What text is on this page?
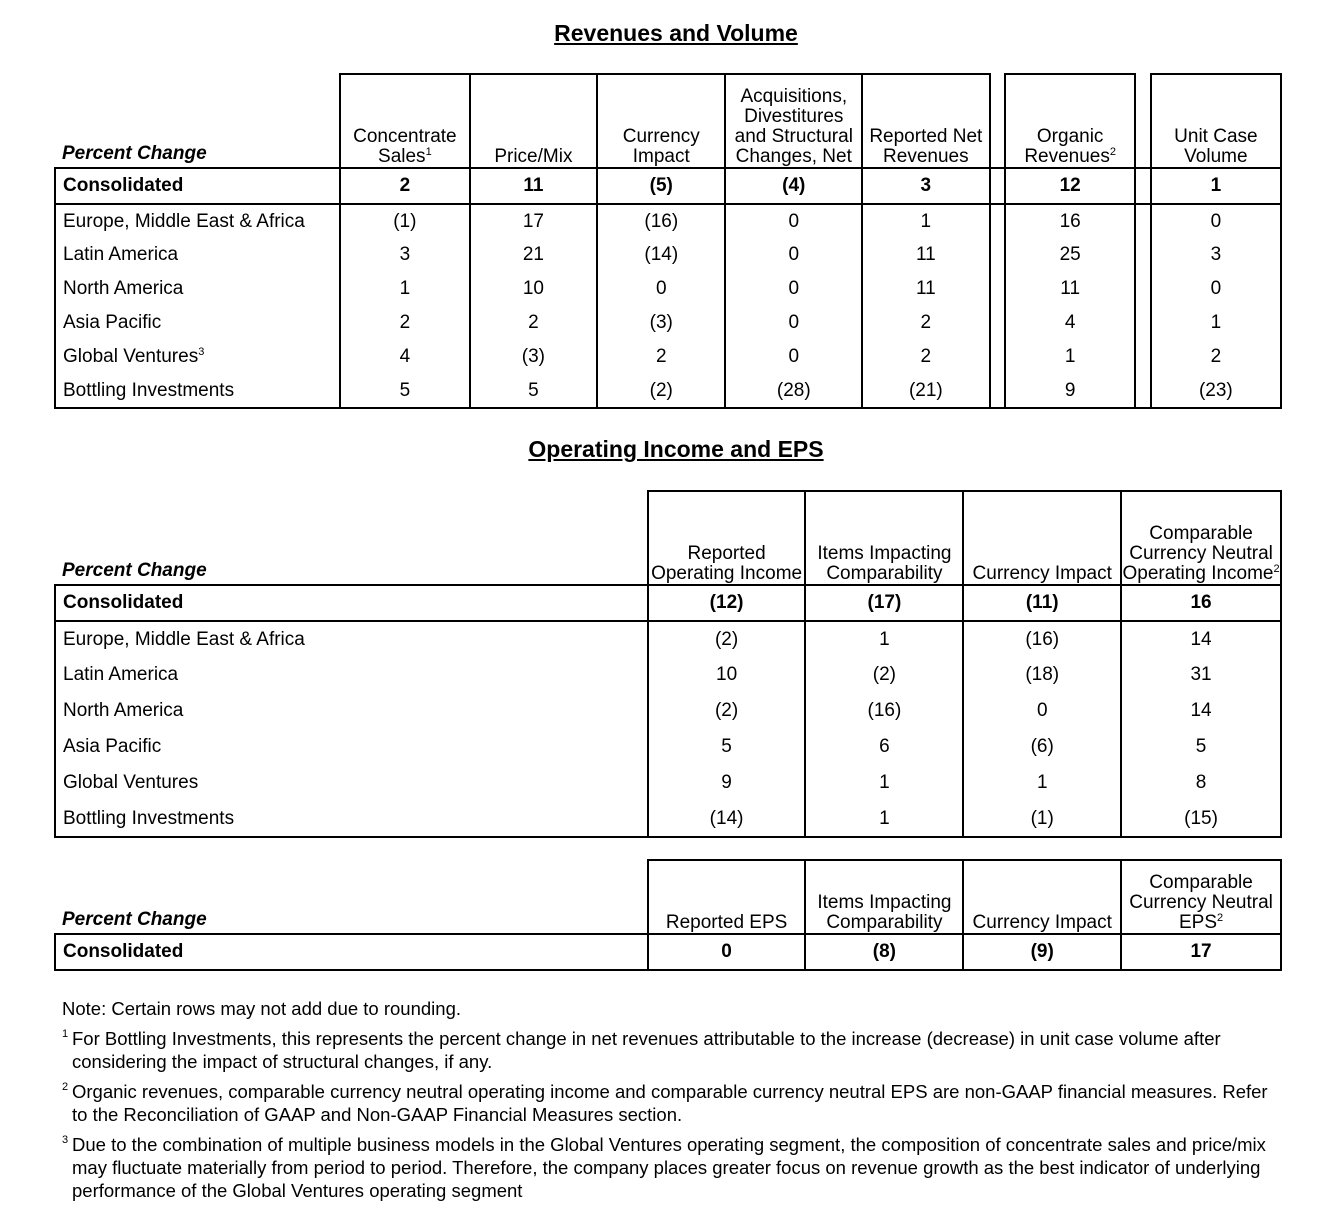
Revenues and Volume
Percent Change	Concentrate Sales$^1$	Price/Mix	Currency Impact	Acquisitions, Divestitures and Structural Changes, Net	Reported Net Revenues		Organic Revenues$^2$		Unit Case Volume
Consolidated	2	11	(5)	(4)	3		12		1
Europe, Middle East & Africa	(1)	17	(16)	0	1		16		0
Latin America	3	21	(14)	0	11		25		3
North America	1	10	0	0	11		11		0
Asia Pacific	2	2	(3)	0	2		4		1
Global Ventures$^3$	4	(3)	2	0	2		1		2
Bottling Investments	5	5	(2)	(28)	(21)		9		(23)
Operating Income and EPS
Percent Change	Reported Operating Income	Items Impacting Comparability	Currency Impact	Comparable Currency Neutral Operating Income$^2$
Consolidated	(12)	(17)	(11)	16
Europe, Middle East & Africa	(2)	1	(16)	14
Latin America	10	(2)	(18)	31
North America	(2)	(16)	0	14
Asia Pacific	5	6	(6)	5
Global Ventures	9	1	1	8
Bottling Investments	(14)	1	(1)	(15)
Percent Change	Reported EPS	Items Impacting Comparability	Currency Impact	Comparable Currency Neutral EPS$^2$
Consolidated	0	(8)	(9)	17
Note: Certain rows may not add due to rounding.
1 For Bottling Investments, this represents the percent change in net revenues attributable to the increase (decrease) in unit case volume after considering the impact of structural changes, if any.
2 Organic revenues, comparable currency neutral operating income and comparable currency neutral EPS are non-GAAP financial measures. Refer to the Reconciliation of GAAP and Non-GAAP Financial Measures section.
3 Due to the combination of multiple business models in the Global Ventures operating segment, the composition of concentrate sales and price/mix may fluctuate materially from period to period. Therefore, the company places greater focus on revenue growth as the best indicator of underlying performance of the Global Ventures operating segment
